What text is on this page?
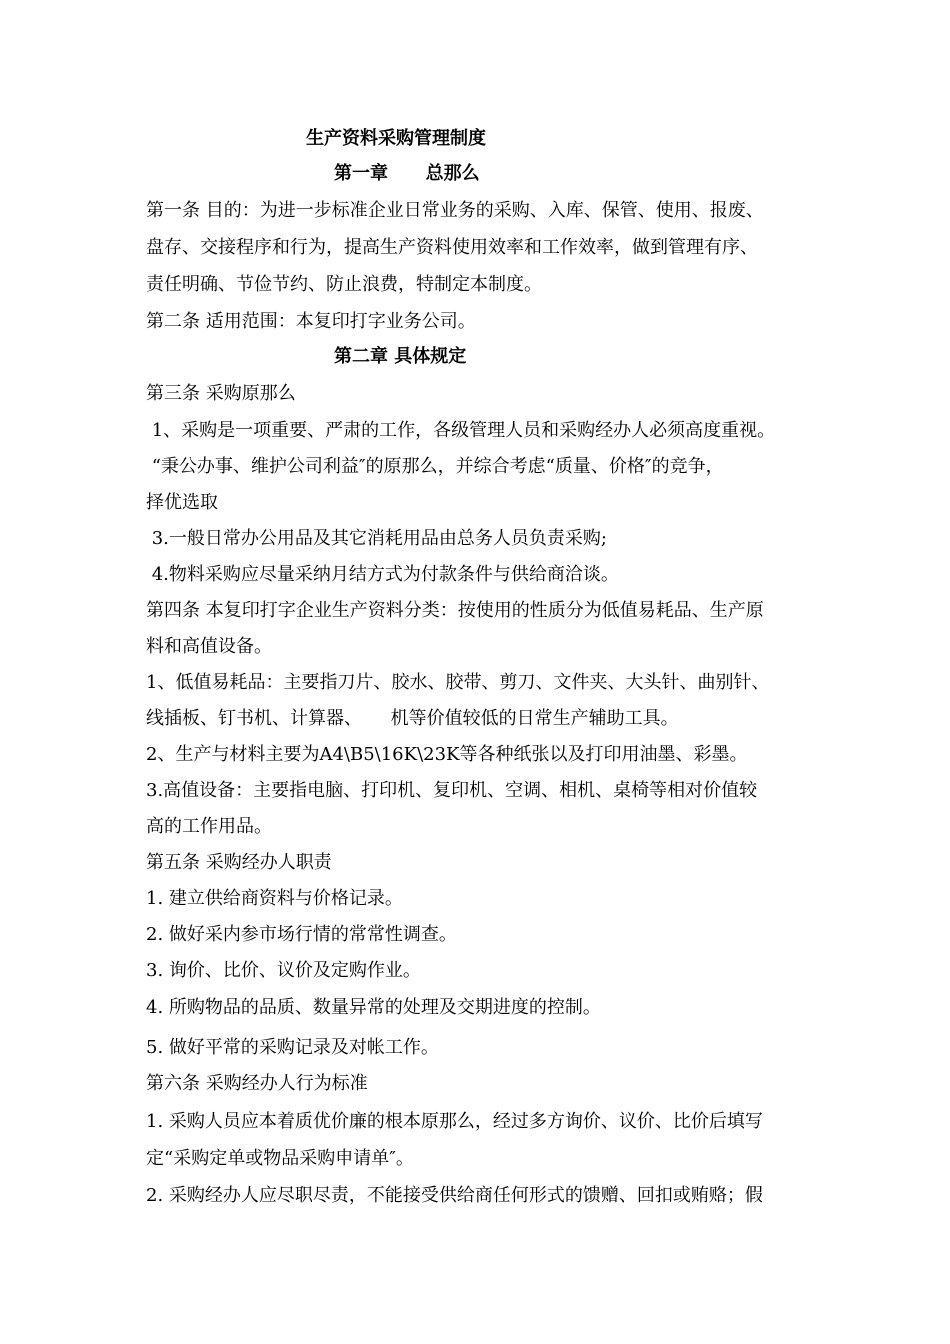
生产资料采购管理制度
第一章      总那么
第一条 目的：为进一步标准企业日常业务的采购、入库、保管、使用、报废、
盘存、交接程序和行为，提高生产资料使用效率和工作效率，做到管理有序、
责任明确、节俭节约、防止浪费，特制定本制度。
第二条 适用范围：本复印打字业务公司。
第二章 具体规定
第三条 采购原那么
1、采购是一项重要、严肃的工作，各级管理人员和采购经办人必须高度重视。
“秉公办事、维护公司利益″的原那么，并综合考虑“质量、价格″的竞争，
择优选取
3.一般日常办公用品及其它消耗用品由总务人员负责采购;
4.物料采购应尽量采纳月结方式为付款条件与供给商洽谈。
第四条 本复印打字企业生产资料分类：按使用的性质分为低值易耗品、生产原
料和高值设备。
1、低值易耗品：主要指刀片、胶水、胶带、剪刀、文件夹、大头针、曲别针、
线插板、钉书机、计算器、     机等价值较低的日常生产辅助工具。
2、生产与材料主要为A4\B5\16K\23K等各种纸张以及打印用油墨、彩墨。
3.高值设备：主要指电脑、打印机、复印机、空调、相机、桌椅等相对价值较
高的工作用品。
第五条 采购经办人职责
1. 建立供给商资料与价格记录。
2. 做好采内参市场行情的常常性调查。
3. 询价、比价、议价及定购作业。
4. 所购物品的品质、数量异常的处理及交期进度的控制。
5. 做好平常的采购记录及对帐工作。
第六条 采购经办人行为标准
1. 采购人员应本着质优价廉的根本原那么，经过多方询价、议价、比价后填写
定“采购定单或物品采购申请单″。
2. 采购经办人应尽职尽责，不能接受供给商任何形式的馈赠、回扣或贿赂；假
